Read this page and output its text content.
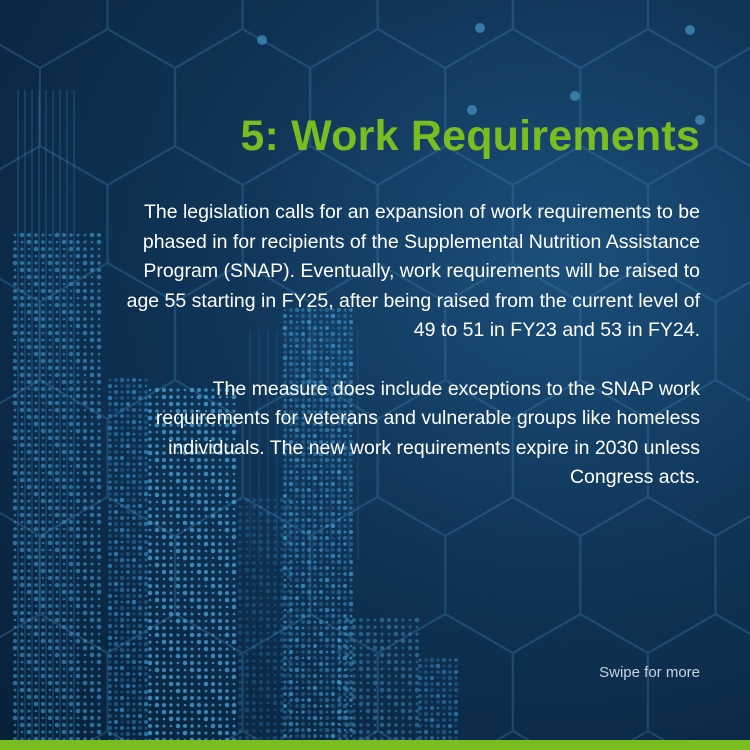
5: Work Requirements

The legislation calls for an expansion of work requirements to be phased in for recipients of the Supplemental Nutrition Assistance Program (SNAP). Eventually, work requirements will be raised to age 55 starting in FY25, after being raised from the current level of 49 to 51 in FY23 and 53 in FY24.

The measure does include exceptions to the SNAP work requirements for veterans and vulnerable groups like homeless individuals. The new work requirements expire in 2030 unless Congress acts.

Swipe for more
